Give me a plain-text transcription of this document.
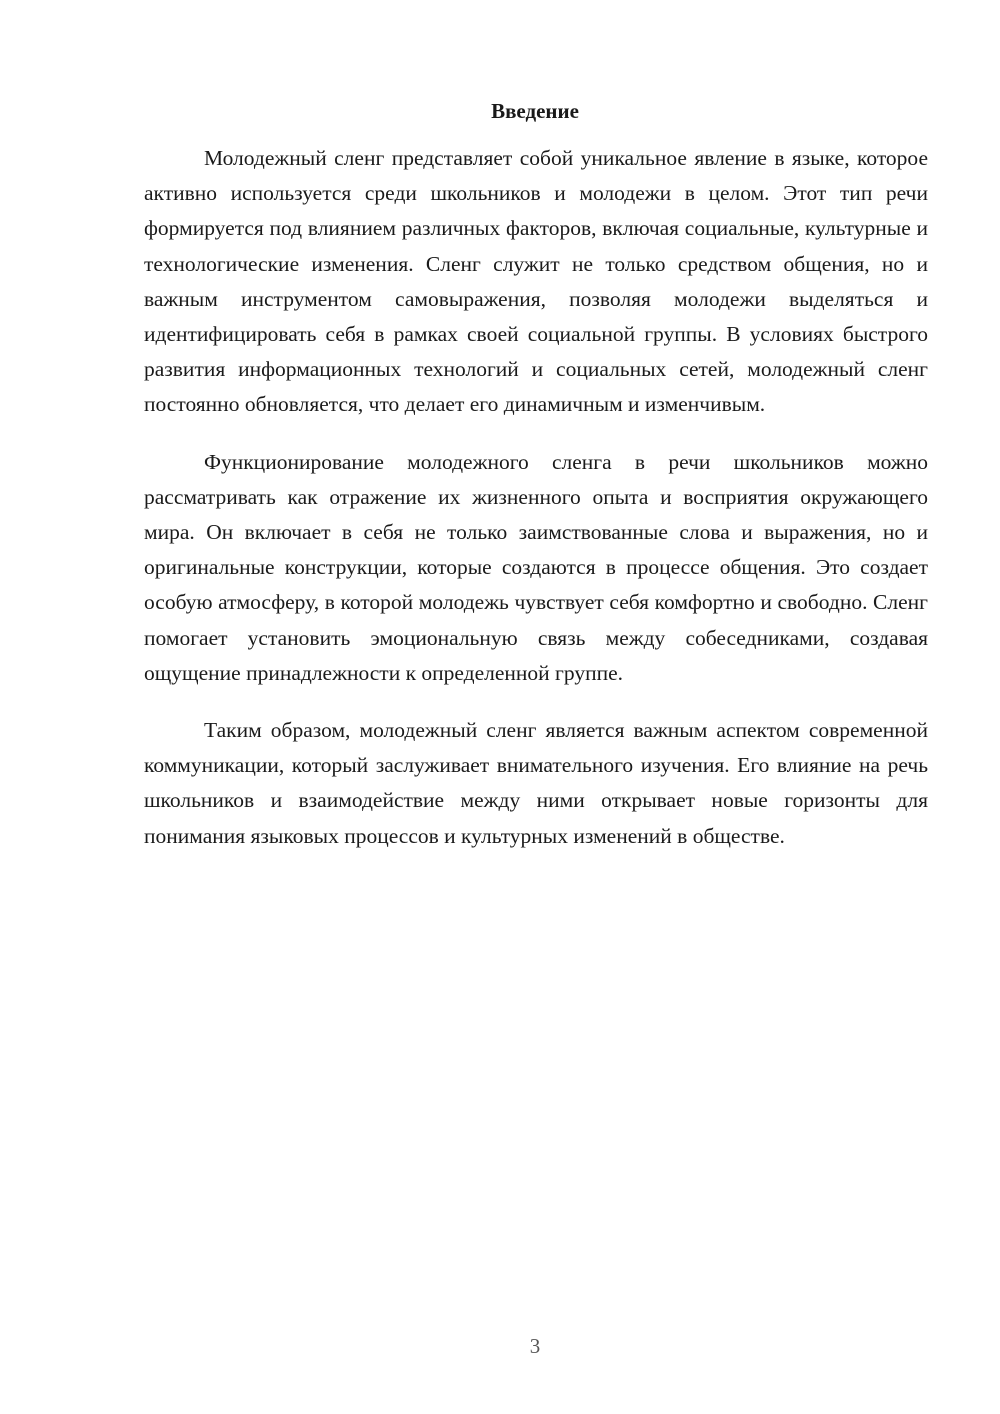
Введение

Молодежный сленг представляет собой уникальное явление в языке, которое активно используется среди школьников и молодежи в целом. Этот тип речи формируется под влиянием различных факторов, включая социальные, культурные и технологические изменения. Сленг служит не только средством общения, но и важным инструментом самовыражения, позволяя молодежи выделяться и идентифицировать себя в рамках своей социальной группы. В условиях быстрого развития информационных технологий и социальных сетей, молодежный сленг постоянно обновляется, что делает его динамичным и изменчивым.

Функционирование молодежного сленга в речи школьников можно рассматривать как отражение их жизненного опыта и восприятия окружающего мира. Он включает в себя не только заимствованные слова и выражения, но и оригинальные конструкции, которые создаются в процессе общения. Это создает особую атмосферу, в которой молодежь чувствует себя комфортно и свободно. Сленг помогает установить эмоциональную связь между собеседниками, создавая ощущение принадлежности к определенной группе.

Таким образом, молодежный сленг является важным аспектом современной коммуникации, который заслуживает внимательного изучения. Его влияние на речь школьников и взаимодействие между ними открывает новые горизонты для понимания языковых процессов и культурных изменений в обществе.

3
